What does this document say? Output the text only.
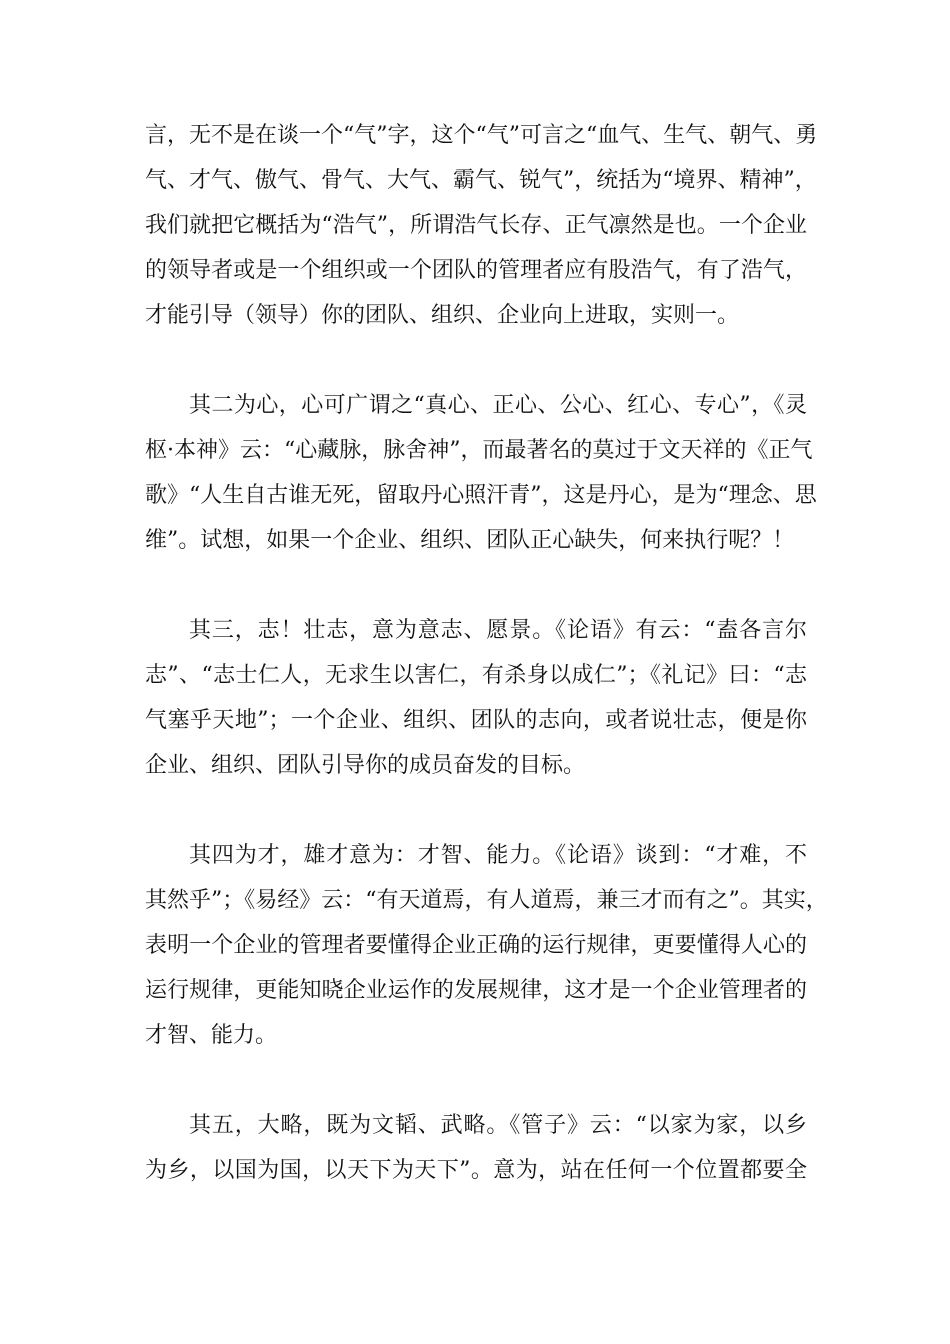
言，无不是在谈一个“气”字，这个“气”可言之“血气、生气、朝气、勇
气、才气、傲气、骨气、大气、霸气、锐气”，统括为“境界、精神”，
我们就把它概括为“浩气”，所谓浩气长存、正气凛然是也。一个企业
的领导者或是一个组织或一个团队的管理者应有股浩气，有了浩气，
才能引导（领导）你的团队、组织、企业向上进取，实则一。

其二为心，心可广谓之“真心、正心、公心、红心、专心”，《灵
枢·本神》云：“心藏脉，脉舍神”，而最著名的莫过于文天祥的《正气
歌》“人生自古谁无死，留取丹心照汗青”，这是丹心，是为“理念、思
维”。试想，如果一个企业、组织、团队正心缺失，何来执行呢？！

其三，志！壮志，意为意志、愿景。《论语》有云：“盍各言尔
志”、“志士仁人，无求生以害仁，有杀身以成仁”；《礼记》曰：“志
气塞乎天地”；一个企业、组织、团队的志向，或者说壮志，便是你
企业、组织、团队引导你的成员奋发的目标。

其四为才，雄才意为：才智、能力。《论语》谈到：“才难，不
其然乎”；《易经》云：“有天道焉，有人道焉，兼三才而有之”。其实，
表明一个企业的管理者要懂得企业正确的运行规律，更要懂得人心的
运行规律，更能知晓企业运作的发展规律，这才是一个企业管理者的
才智、能力。

其五，大略，既为文韬、武略。《管子》云：“以家为家，以乡
为乡，以国为国，以天下为天下”。意为，站在任何一个位置都要全
